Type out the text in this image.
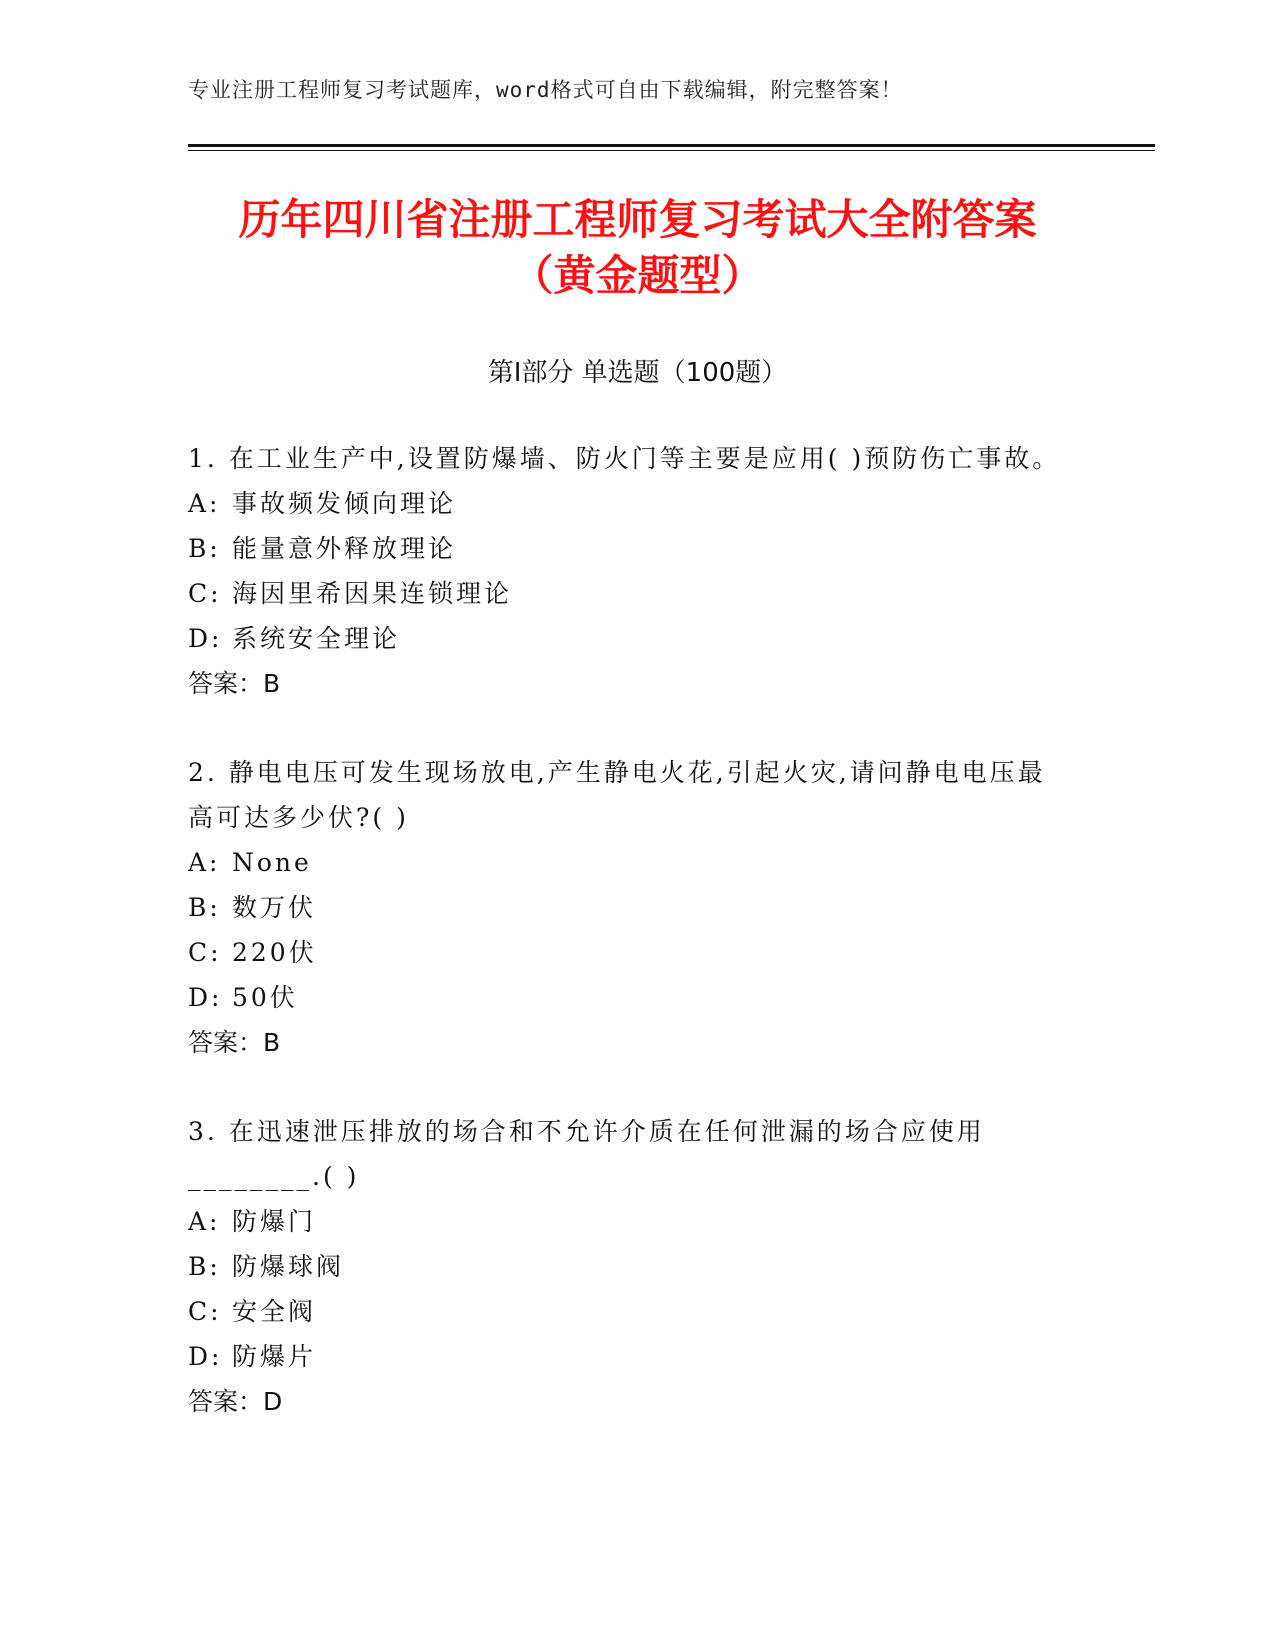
专业注册工程师复习考试题库，word格式可自由下载编辑，附完整答案！
历年四川省注册工程师复习考试大全附答案
（黄金题型）
第Ⅰ部分 单选题（100题）
1. 在工业生产中,设置防爆墙、防火门等主要是应用( )预防伤亡事故。
A: 事故频发倾向理论
B: 能量意外释放理论
C: 海因里希因果连锁理论
D: 系统安全理论
答案：B
2. 静电电压可发生现场放电,产生静电火花,引起火灾,请问静电电压最高可达多少伏?( )
A: None
B: 数万伏
C: 220伏
D: 50伏
答案：B
3. 在迅速泄压排放的场合和不允许介质在任何泄漏的场合应使用________.( )
A: 防爆门
B: 防爆球阀
C: 安全阀
D: 防爆片
答案：D
